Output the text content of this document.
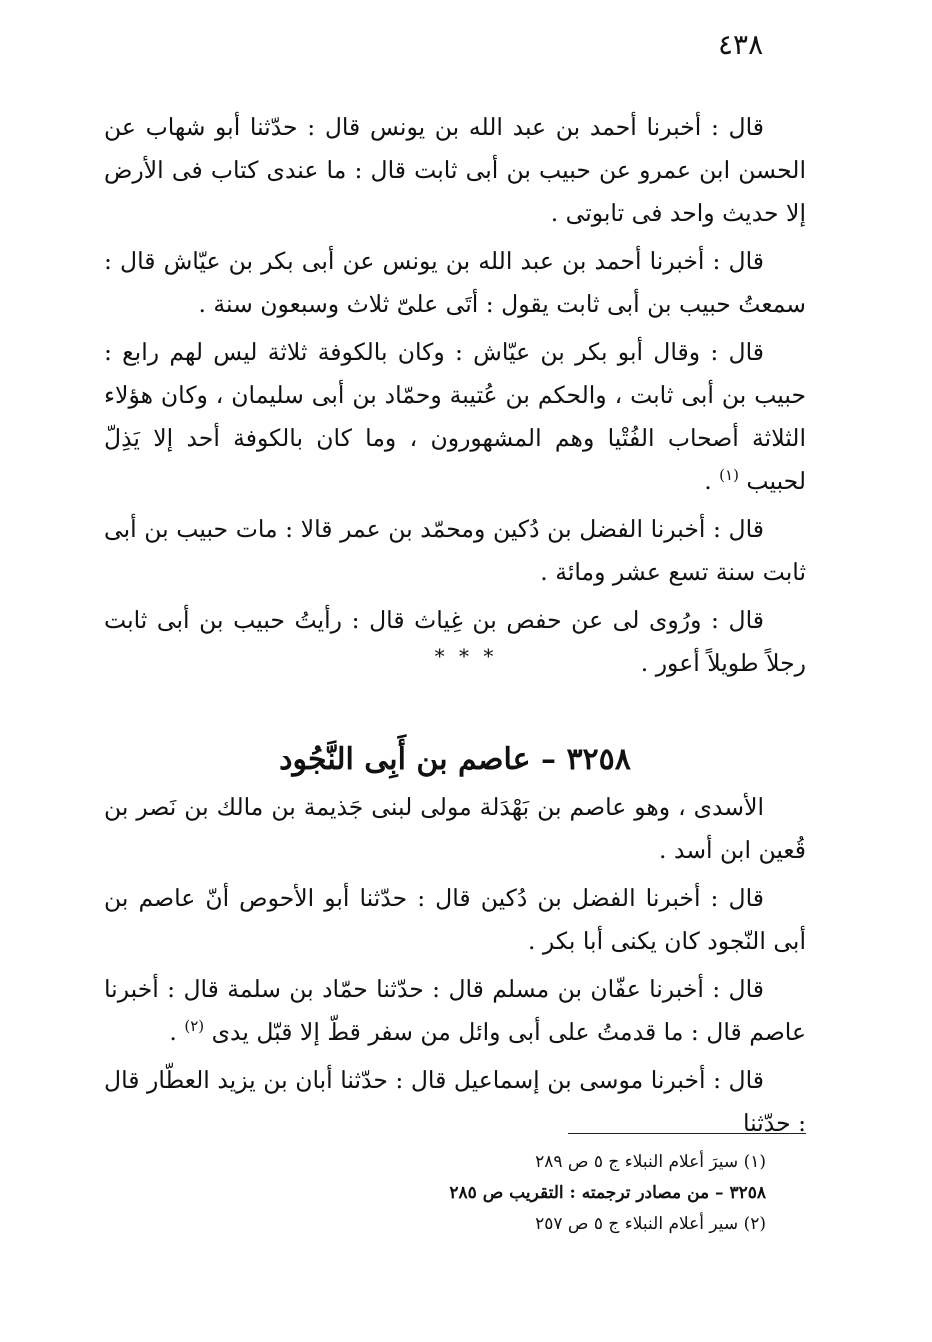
٤٣٨

قال : أخبرنا أحمد بن عبد الله بن يونس قال : حدّثنا أبو شهاب عن الحسن ابن عمرو عن حبيب بن أبى ثابت قال : ما عندى كتاب فى الأرض إلا حديث واحد فى تابوتى .

قال : أخبرنا أحمد بن عبد الله بن يونس عن أبى بكر بن عيّاش قال : سمعتُ حبيب بن أبى ثابت يقول : أتَى علىّ ثلاث وسبعون سنة .

قال : وقال أبو بكر بن عيّاش : وكان بالكوفة ثلاثة ليس لهم رابع : حبيب بن أبى ثابت ، والحكم بن عُتيبة وحمّاد بن أبى سليمان ، وكان هؤلاء الثلاثة أصحاب الفُتْيا وهم المشهورون ، وما كان بالكوفة أحد إلا يَذِلّ لحبيب $^{(١)}$ .

قال : أخبرنا الفضل بن دُكين ومحمّد بن عمر قالا : مات حبيب بن أبى ثابت سنة تسع عشر ومائة .

قال : ورُوى لى عن حفص بن غِياث قال : رأيتُ حبيب بن أبى ثابت رجلاً طويلاً أعور .

* * *
٣٢٥٨ – عاصم بن أَبِى النَّجُود

الأسدى ، وهو عاصم بن بَهْدَلة مولى لبنى جَذيمة بن مالك بن نَصر بن قُعين ابن أسد .

قال : أخبرنا الفضل بن دُكين قال : حدّثنا أبو الأحوص أنّ عاصم بن أبى النّجود كان يكنى أبا بكر .

قال : أخبرنا عفّان بن مسلم قال : حدّثنا حمّاد بن سلمة قال : أخبرنا عاصم قال : ما قدمتُ على أبى وائل من سفر قطّ إلا قبّل يدى $^{(٢)}$ .

قال : أخبرنا موسى بن إسماعيل قال : حدّثنا أبان بن يزيد العطّار قال : حدّثنا

(١) سيرَ أعلام النبلاء ج ٥ ص ٢٨٩
٣٢٥٨ – من مصادر ترجمته : التقريب ص ٢٨٥
(٢) سير أعلام النبلاء ج ٥ ص ٢٥٧
